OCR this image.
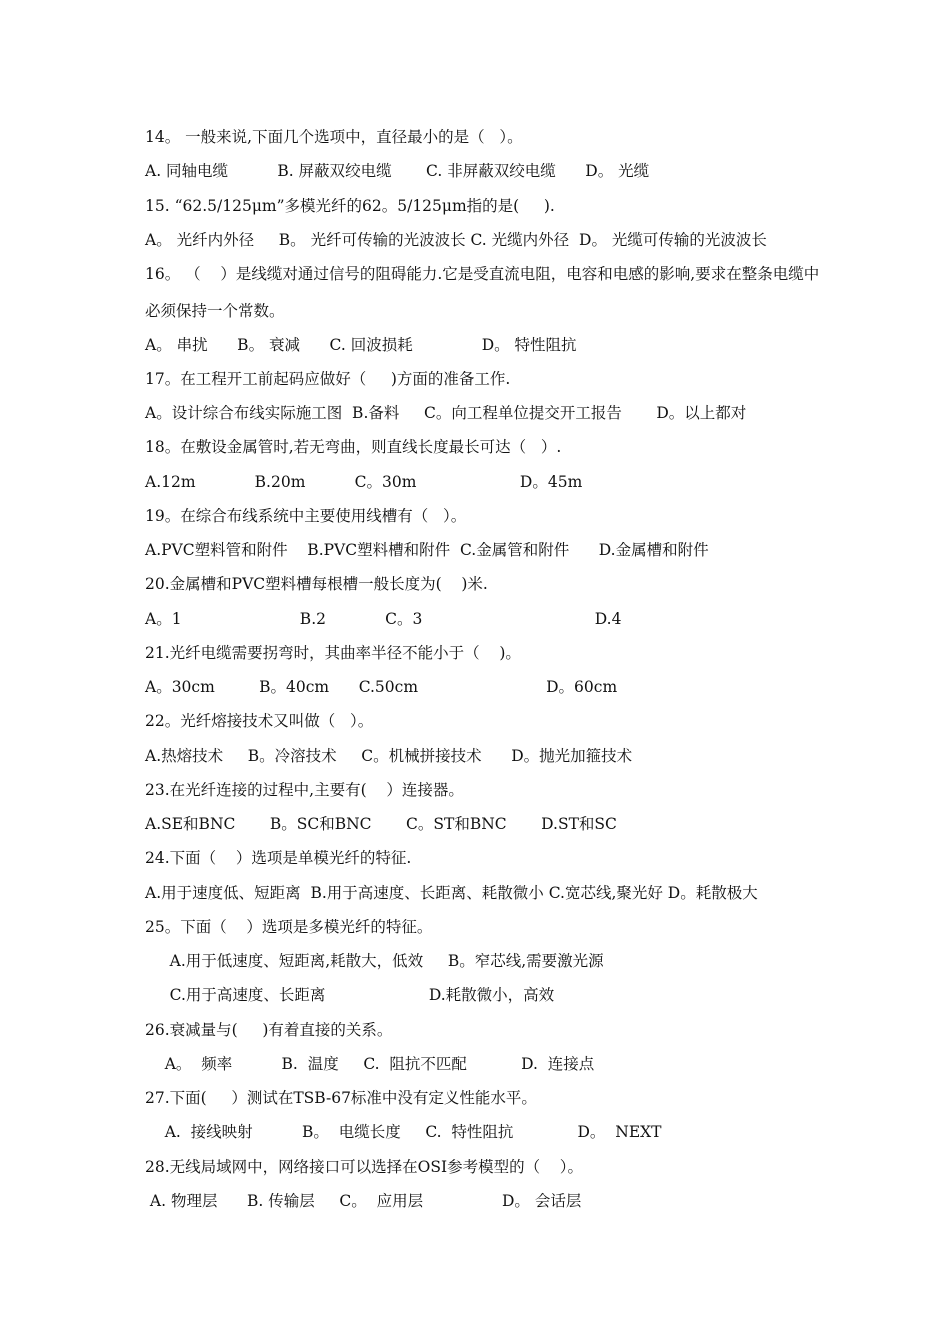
14。 一般来说,下面几个选项中，直径最小的是（   ）。
A. 同轴电缆          B. 屏蔽双绞电缆       C. 非屏蔽双绞电缆      D。 光缆
15. “62.5/125μm”多模光纤的62。5/125μm指的是(     ).
A。 光纤内外径     B。 光纤可传输的光波波长 C. 光缆内外径  D。 光缆可传输的光波波长
16。 （    ）是线缆对通过信号的阻碍能力.它是受直流电阻，电容和电感的影响,要求在整条电缆中
必须保持一个常数。
A。 串扰      B。 衰减      C. 回波损耗              D。 特性阻抗
17。在工程开工前起码应做好（     )方面的准备工作.
A。设计综合布线实际施工图  B.备料     C。向工程单位提交开工报告       D。以上都对
18。在敷设金属管时,若无弯曲，则直线长度最长可达（   ）.
A.12m            B.20m          C。30m                     D。45m
19。在综合布线系统中主要使用线槽有（   ）。
A.PVC塑料管和附件    B.PVC塑料槽和附件  C.金属管和附件      D.金属槽和附件
20.金属槽和PVC塑料槽每根槽一般长度为(    )米.
A。1                        B.2            C。3                                   D.4
21.光纤电缆需要拐弯时，其曲率半径不能小于（    )。
A。30cm         B。40cm      C.50cm                          D。60cm
22。光纤熔接技术又叫做（   ）。
A.热熔技术     B。冷溶技术     C。机械拼接技术      D。抛光加箍技术
23.在光纤连接的过程中,主要有(    ）连接器。
A.SE和BNC       B。SC和BNC       C。ST和BNC       D.ST和SC
24.下面（    ）选项是单模光纤的特征.
A.用于速度低、短距离  B.用于高速度、长距离、耗散微小 C.宽芯线,聚光好 D。耗散极大
25。下面（    ）选项是多模光纤的特征。
A.用于低速度、短距离,耗散大，低效     B。窄芯线,需要激光源
C.用于高速度、长距离                     D.耗散微小，高效
26.衰减量与(     )有着直接的关系。
A。  频率          B.  温度     C.  阻抗不匹配           D.  连接点
27.下面(     ）测试在TSB-67标准中没有定义性能水平。
A.  接线映射          B。  电缆长度     C.  特性阻抗             D。  NEXT
28.无线局域网中，网络接口可以选择在OSI参考模型的（    ）。
A. 物理层      B. 传输层     C。  应用层                D。 会话层
